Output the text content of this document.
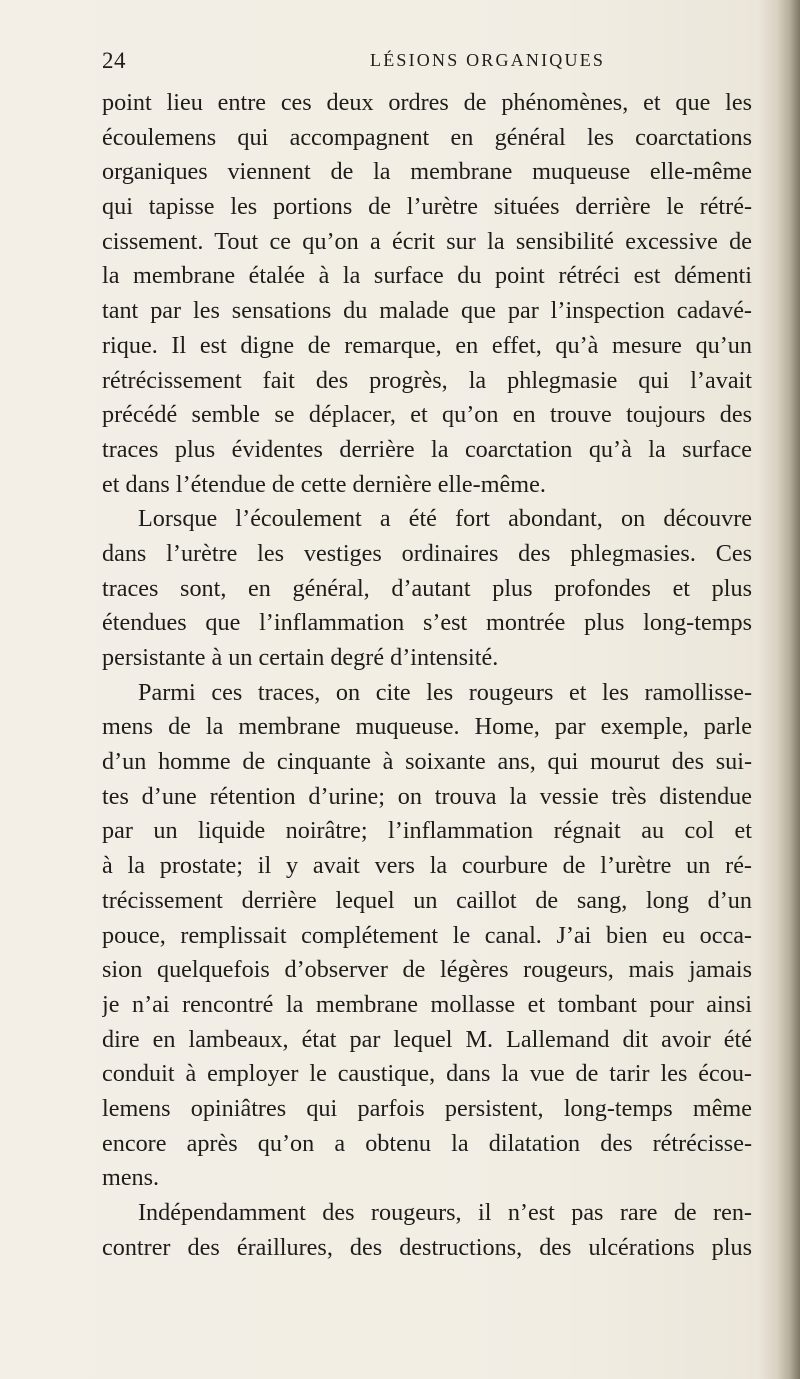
24	LÉSIONS ORGANIQUES
point lieu entre ces deux ordres de phénomènes, et que les
écoulemens qui accompagnent en général les coarctations
organiques viennent de la membrane muqueuse elle-même
qui tapisse les portions de l’urètre situées derrière le rétré-
cissement. Tout ce qu’on a écrit sur la sensibilité excessive de
la membrane étalée à la surface du point rétréci est démenti
tant par les sensations du malade que par l’inspection cadavé-
rique. Il est digne de remarque, en effet, qu’à mesure qu’un
rétrécissement fait des progrès, la phlegmasie qui l’avait
précédé semble se déplacer, et qu’on en trouve toujours des
traces plus évidentes derrière la coarctation qu’à la surface
et dans l’étendue de cette dernière elle-même.
Lorsque l’écoulement a été fort abondant, on découvre
dans l’urètre les vestiges ordinaires des phlegmasies. Ces
traces sont, en général, d’autant plus profondes et plus
étendues que l’inflammation s’est montrée plus long-temps
persistante à un certain degré d’intensité.
Parmi ces traces, on cite les rougeurs et les ramollisse-
mens de la membrane muqueuse. Home, par exemple, parle
d’un homme de cinquante à soixante ans, qui mourut des sui-
tes d’une rétention d’urine; on trouva la vessie très distendue
par un liquide noirâtre; l’inflammation régnait au col et
à la prostate; il y avait vers la courbure de l’urètre un ré-
trécissement derrière lequel un caillot de sang, long d’un
pouce, remplissait complétement le canal. J’ai bien eu occa-
sion quelquefois d’observer de légères rougeurs, mais jamais
je n’ai rencontré la membrane mollasse et tombant pour ainsi
dire en lambeaux, état par lequel M. Lallemand dit avoir été
conduit à employer le caustique, dans la vue de tarir les écou-
lemens opiniâtres qui parfois persistent, long-temps même
encore après qu’on a obtenu la dilatation des rétrécisse-
mens.
Indépendamment des rougeurs, il n’est pas rare de ren-
contrer des éraillures, des destructions, des ulcérations plus
